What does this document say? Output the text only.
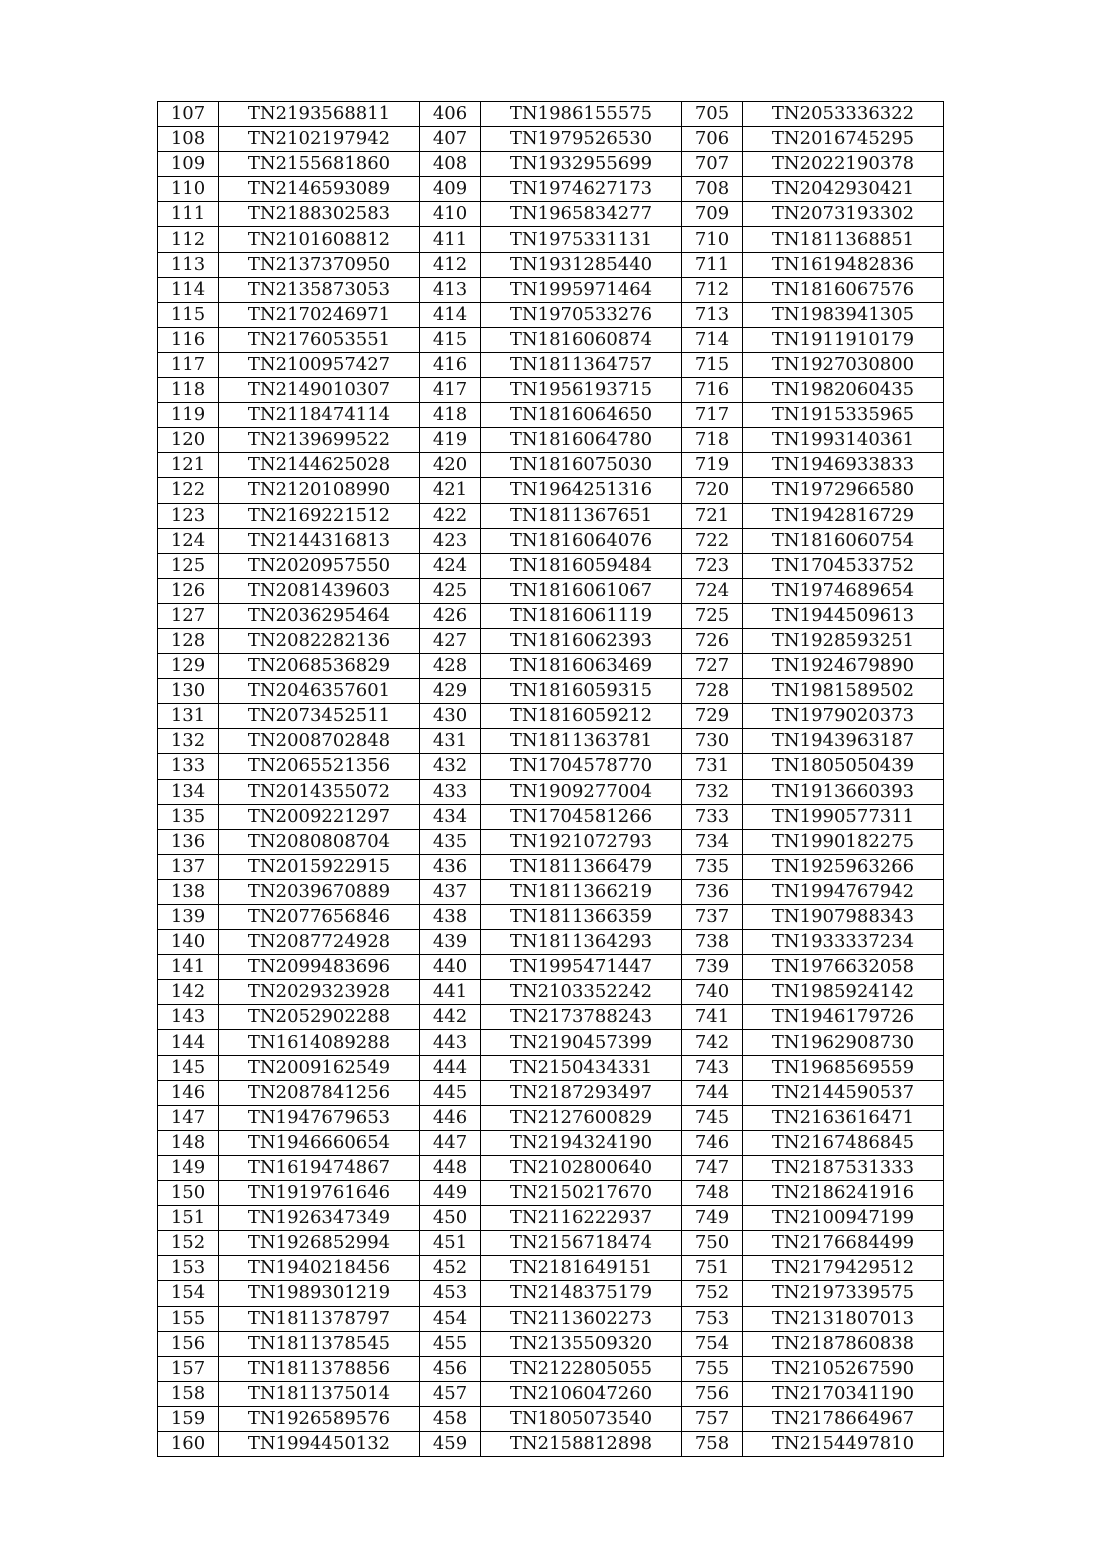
107	TN2193568811	406	TN1986155575	705	TN2053336322
108	TN2102197942	407	TN1979526530	706	TN2016745295
109	TN2155681860	408	TN1932955699	707	TN2022190378
110	TN2146593089	409	TN1974627173	708	TN2042930421
111	TN2188302583	410	TN1965834277	709	TN2073193302
112	TN2101608812	411	TN1975331131	710	TN1811368851
113	TN2137370950	412	TN1931285440	711	TN1619482836
114	TN2135873053	413	TN1995971464	712	TN1816067576
115	TN2170246971	414	TN1970533276	713	TN1983941305
116	TN2176053551	415	TN1816060874	714	TN1911910179
117	TN2100957427	416	TN1811364757	715	TN1927030800
118	TN2149010307	417	TN1956193715	716	TN1982060435
119	TN2118474114	418	TN1816064650	717	TN1915335965
120	TN2139699522	419	TN1816064780	718	TN1993140361
121	TN2144625028	420	TN1816075030	719	TN1946933833
122	TN2120108990	421	TN1964251316	720	TN1972966580
123	TN2169221512	422	TN1811367651	721	TN1942816729
124	TN2144316813	423	TN1816064076	722	TN1816060754
125	TN2020957550	424	TN1816059484	723	TN1704533752
126	TN2081439603	425	TN1816061067	724	TN1974689654
127	TN2036295464	426	TN1816061119	725	TN1944509613
128	TN2082282136	427	TN1816062393	726	TN1928593251
129	TN2068536829	428	TN1816063469	727	TN1924679890
130	TN2046357601	429	TN1816059315	728	TN1981589502
131	TN2073452511	430	TN1816059212	729	TN1979020373
132	TN2008702848	431	TN1811363781	730	TN1943963187
133	TN2065521356	432	TN1704578770	731	TN1805050439
134	TN2014355072	433	TN1909277004	732	TN1913660393
135	TN2009221297	434	TN1704581266	733	TN1990577311
136	TN2080808704	435	TN1921072793	734	TN1990182275
137	TN2015922915	436	TN1811366479	735	TN1925963266
138	TN2039670889	437	TN1811366219	736	TN1994767942
139	TN2077656846	438	TN1811366359	737	TN1907988343
140	TN2087724928	439	TN1811364293	738	TN1933337234
141	TN2099483696	440	TN1995471447	739	TN1976632058
142	TN2029323928	441	TN2103352242	740	TN1985924142
143	TN2052902288	442	TN2173788243	741	TN1946179726
144	TN1614089288	443	TN2190457399	742	TN1962908730
145	TN2009162549	444	TN2150434331	743	TN1968569559
146	TN2087841256	445	TN2187293497	744	TN2144590537
147	TN1947679653	446	TN2127600829	745	TN2163616471
148	TN1946660654	447	TN2194324190	746	TN2167486845
149	TN1619474867	448	TN2102800640	747	TN2187531333
150	TN1919761646	449	TN2150217670	748	TN2186241916
151	TN1926347349	450	TN2116222937	749	TN2100947199
152	TN1926852994	451	TN2156718474	750	TN2176684499
153	TN1940218456	452	TN2181649151	751	TN2179429512
154	TN1989301219	453	TN2148375179	752	TN2197339575
155	TN1811378797	454	TN2113602273	753	TN2131807013
156	TN1811378545	455	TN2135509320	754	TN2187860838
157	TN1811378856	456	TN2122805055	755	TN2105267590
158	TN1811375014	457	TN2106047260	756	TN2170341190
159	TN1926589576	458	TN1805073540	757	TN2178664967
160	TN1994450132	459	TN2158812898	758	TN2154497810
